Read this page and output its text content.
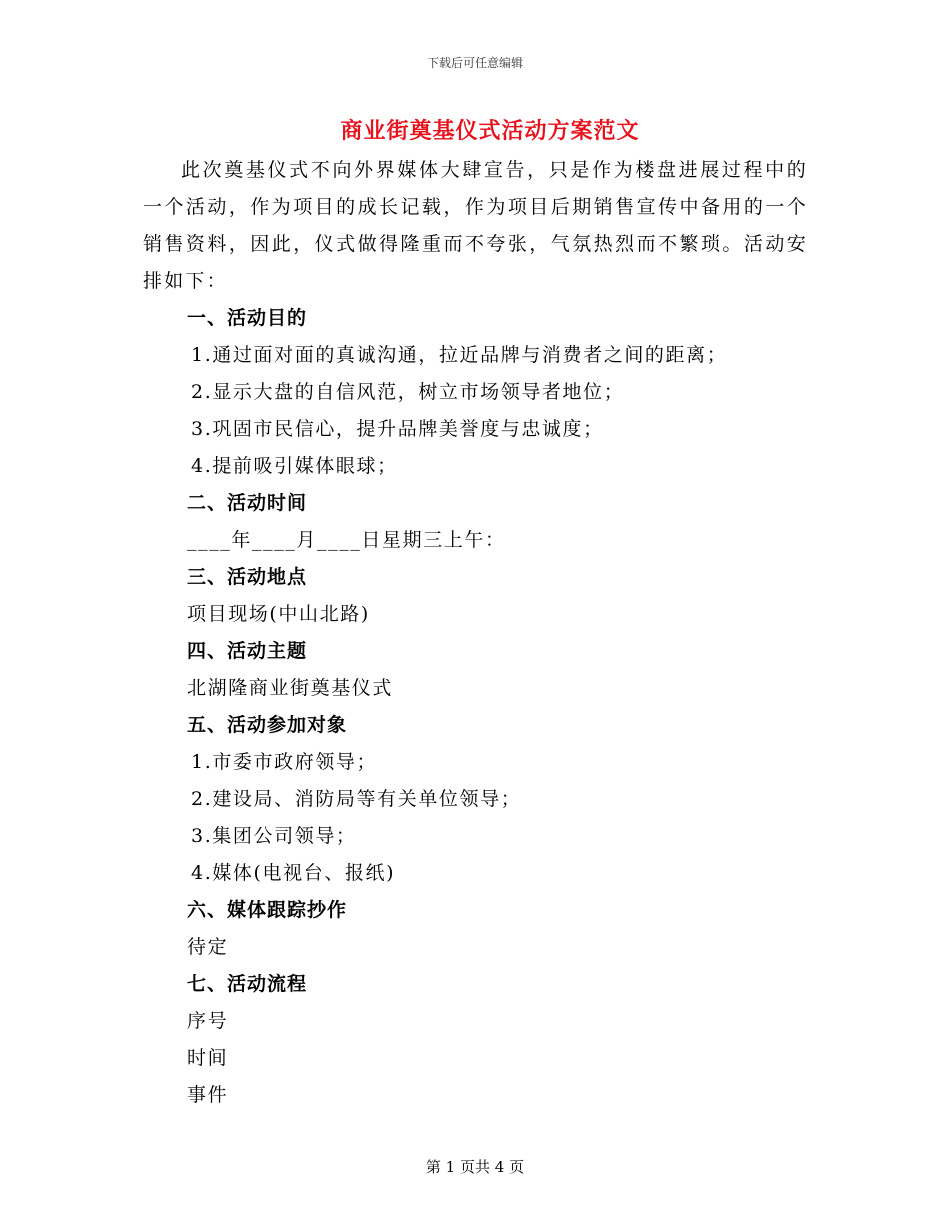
下载后可任意编辑
商业街奠基仪式活动方案范文

此次奠基仪式不向外界媒体大肆宣告，只是作为楼盘进展过程中的一个活动，作为项目的成长记载，作为项目后期销售宣传中备用的一个销售资料，因此，仪式做得隆重而不夸张，气氛热烈而不繁琐。活动安排如下：

一、活动目的
1.通过面对面的真诚沟通，拉近品牌与消费者之间的距离；
2.显示大盘的自信风范，树立市场领导者地位；
3.巩固市民信心，提升品牌美誉度与忠诚度；
4.提前吸引媒体眼球；
二、活动时间
____年____月____日星期三上午：
三、活动地点
项目现场(中山北路)
四、活动主题
北湖隆商业街奠基仪式
五、活动参加对象
1.市委市政府领导；
2.建设局、消防局等有关单位领导；
3.集团公司领导；
4.媒体(电视台、报纸)
六、媒体跟踪抄作
待定
七、活动流程
序号
时间
事件
第 1 页共 4 页
